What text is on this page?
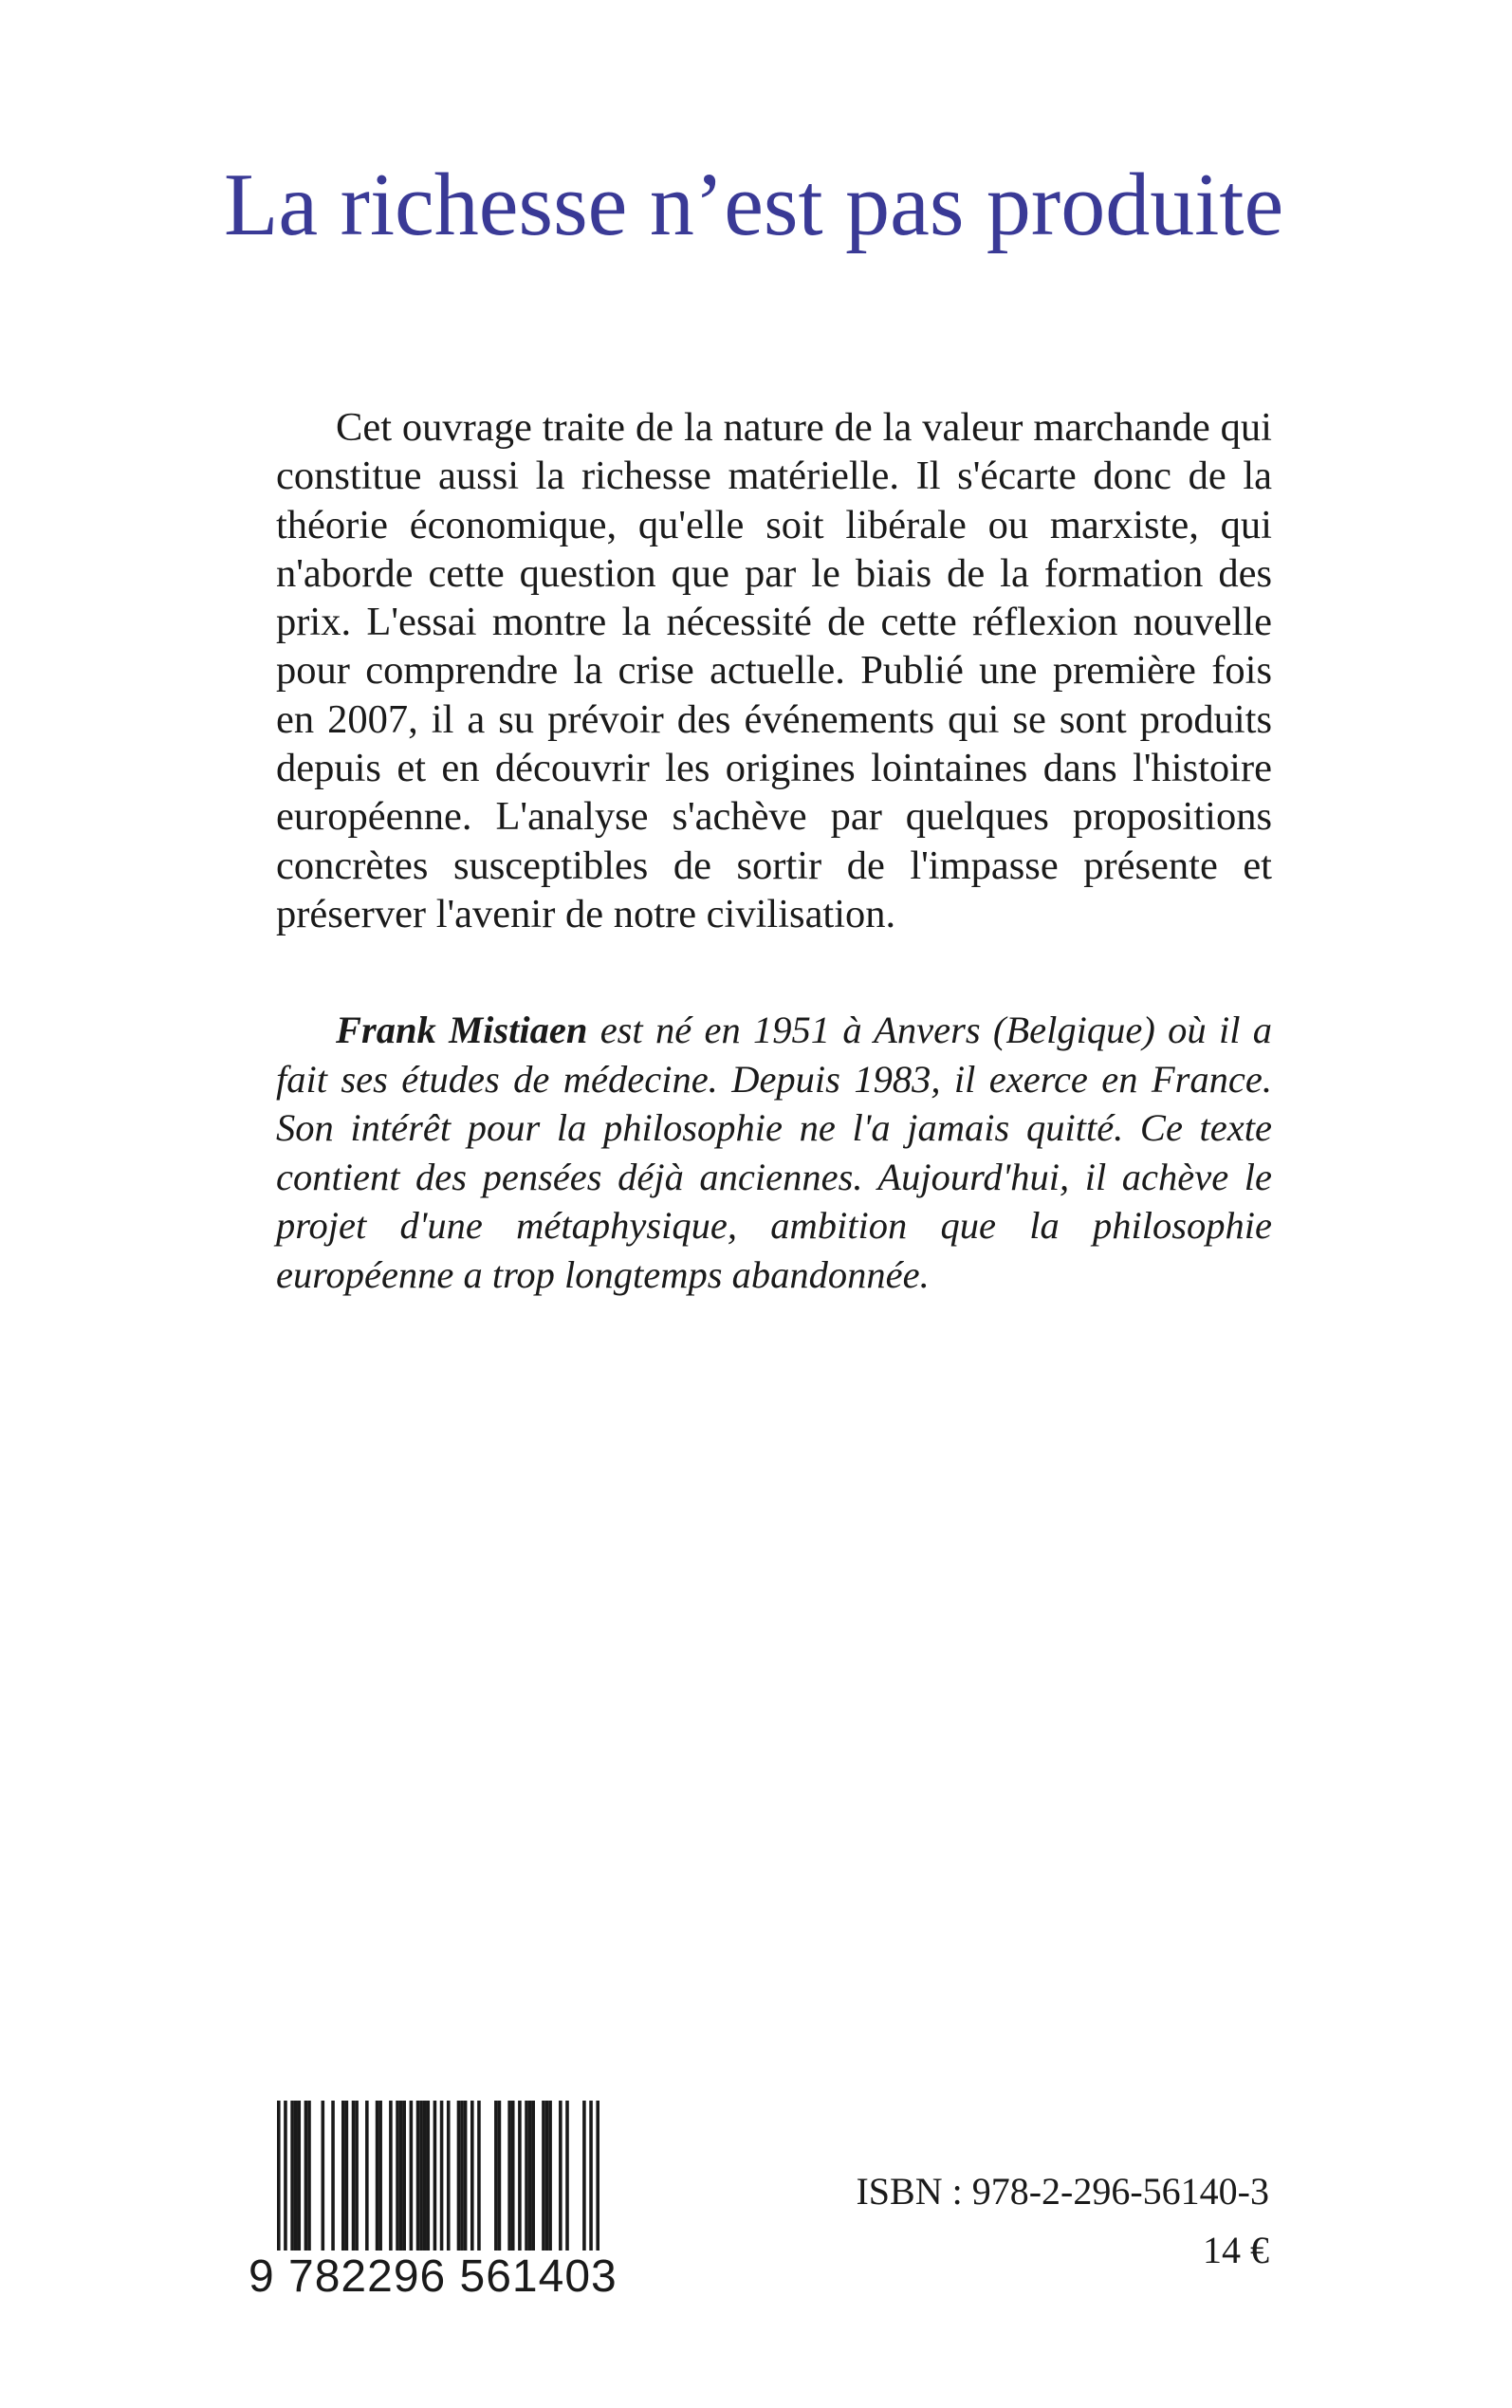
La richesse n’est pas produite

Cet ouvrage traite de la nature de la valeur marchande qui constitue aussi la richesse matérielle. Il s'écarte donc de la théorie économique, qu'elle soit libérale ou marxiste, qui n'aborde cette question que par le biais de la formation des prix. L'essai montre la nécessité de cette réflexion nouvelle pour comprendre la crise actuelle. Publié une première fois en 2007, il a su prévoir des événements qui se sont produits depuis et en découvrir les origines lointaines dans l'histoire européenne. L'analyse s'achève par quelques propositions concrètes susceptibles de sortir de l'impasse présente et préserver l'avenir de notre civilisation.

Frank Mistiaen est né en 1951 à Anvers (Belgique) où il a fait ses études de médecine. Depuis 1983, il exerce en France. Son intérêt pour la philosophie ne l'a jamais quitté. Ce texte contient des pensées déjà anciennes. Aujourd'hui, il achève le projet d'une métaphysique, ambition que la philosophie européenne a trop longtemps abandonnée.

9 782296 561403

ISBN : 978-2-296-56140-3

14 €
